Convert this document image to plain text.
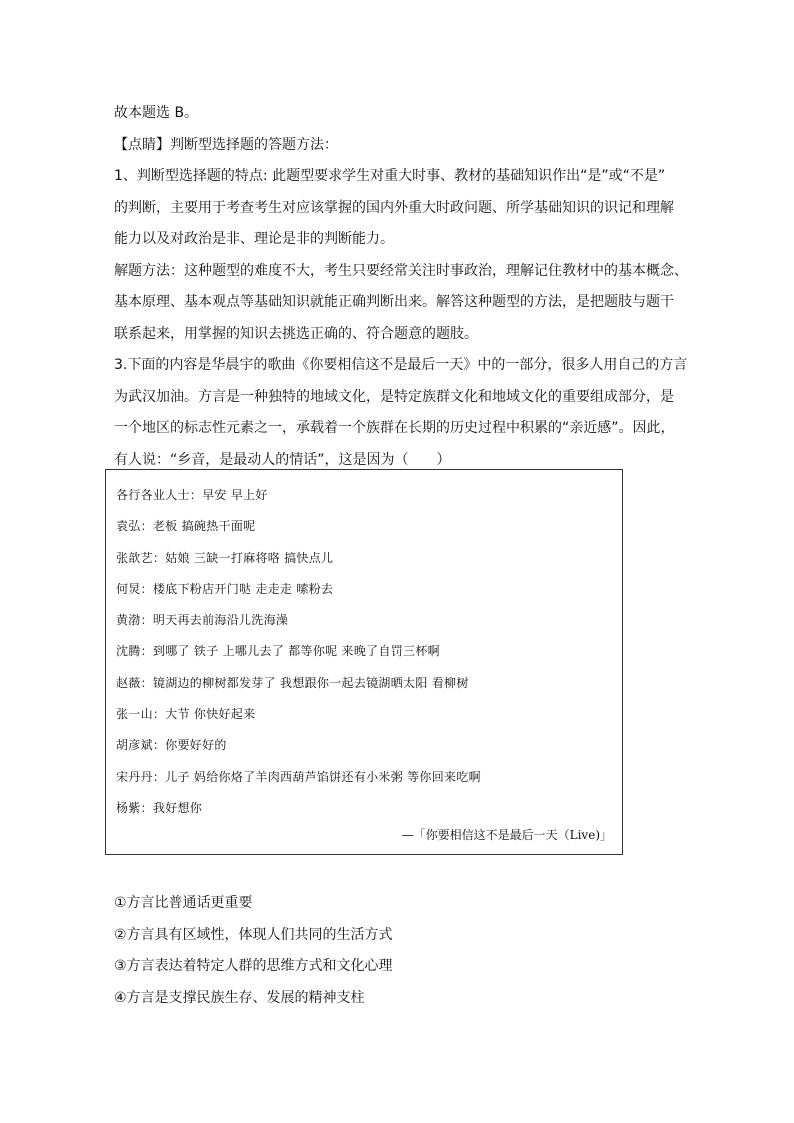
故本题选 B。

【点睛】判断型选择题的答题方法：

1、判断型选择题的特点: 此题型要求学生对重大时事、教材的基础知识作出“是”或“不是”

的判断，主要用于考查考生对应该掌握的国内外重大时政问题、所学基础知识的识记和理解

能力以及对政治是非、理论是非的判断能力。

解题方法：这种题型的难度不大，考生只要经常关注时事政治，理解记住教材中的基本概念、

基本原理、基本观点等基础知识就能正确判断出来。解答这种题型的方法，是把题肢与题干

联系起来，用掌握的知识去挑选正确的、符合题意的题肢。

3.下面的内容是华晨宇的歌曲《你要相信这不是最后一天》中的一部分，很多人用自己的方言

为武汉加油。方言是一种独特的地域文化，是特定族群文化和地域文化的重要组成部分，是

一个地区的标志性元素之一，承载着一个族群在长期的历史过程中积累的“亲近感”。因此，

有人说：“乡音，是最动人的情话”，这是因为（　　）

各行各业人士：早安 早上好

袁弘：老板 搞碗热干面呢

张歆艺：姑娘 三缺一打麻将咯 搞快点儿

何炅：楼底下粉店开门哒 走走走 嗦粉去

黄渤：明天再去前海沿儿洗海澡

沈腾：到哪了 铁子 上哪儿去了 都等你呢 来晚了自罚三杯啊

赵薇：镜湖边的柳树都发芽了 我想跟你一起去镜湖晒太阳 看柳树

张一山：大节 你快好起来

胡彦斌：你要好好的

宋丹丹：儿子 妈给你烙了羊肉西葫芦馅饼还有小米粥 等你回来吃啊

杨紫：我好想你

—「你要相信这不是最后一天（Live)」

①方言比普通话更重要

②方言具有区域性，体现人们共同的生活方式

③方言表达着特定人群的思维方式和文化心理

④方言是支撑民族生存、发展的精神支柱
